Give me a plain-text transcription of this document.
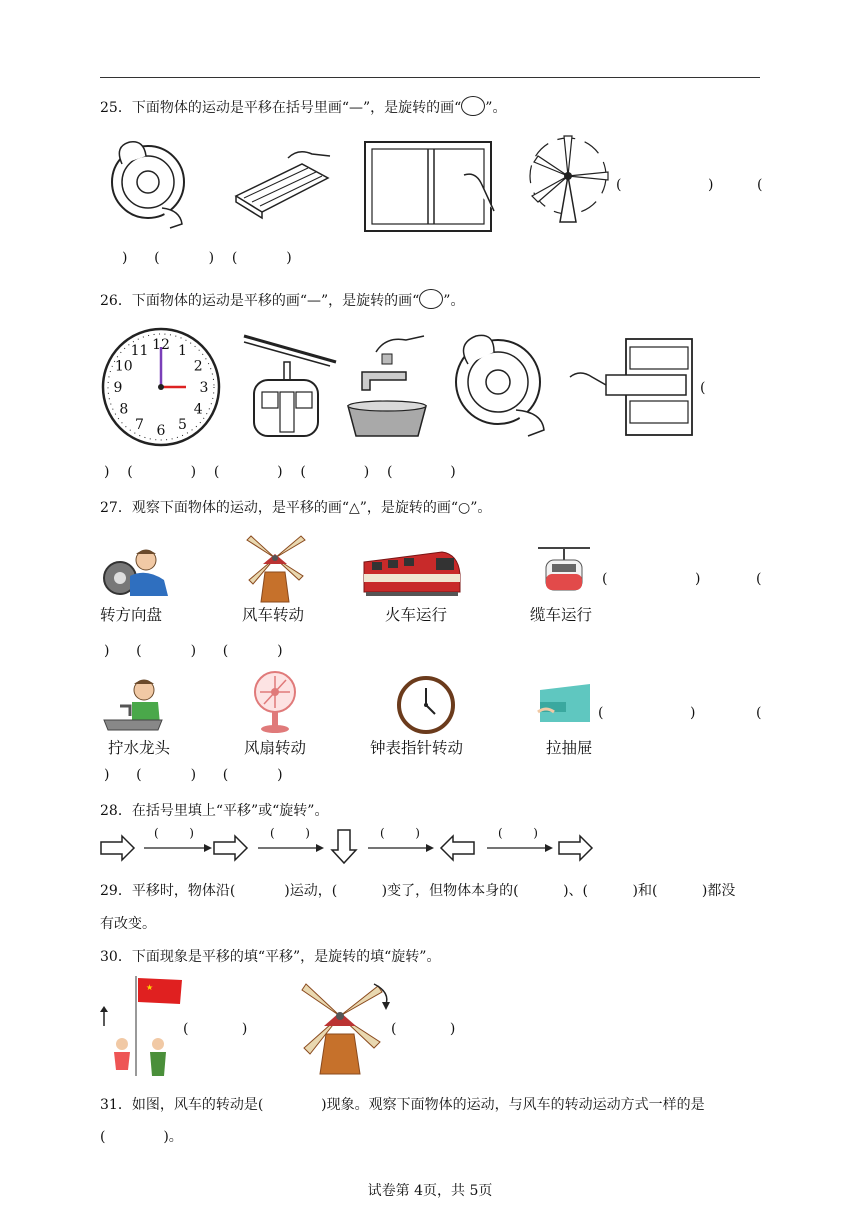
25．下面物体的运动是平移在括号里画“—”，是旋转的画“ ”。
(	)	(
)      (           )    (           )
26．下面物体的运动是平移的画“—”，是旋转的画“ ”。
12 1
2
3
4
5
6
7
8
9
10
11
(
)    (             )    (             )    (             )    (             )
27．观察下面物体的运动，是平移的画“△”，是旋转的画“○”。
转方向盘	风车转动	火车运行	缆车运行
(	)	(
)      (           )      (           )
拧水龙头	风扇转动	钟表指针转动	拉抽屉
(	)	(
)      (           )      (           )
28．在括号里填上“平移”或“旋转”。
(        )	(        )	(        )	(        )
29．平移时，物体沿(           )运动，(          )变了，但物体本身的(          )、(          )和(          )都没
有改变。
30．下面现象是平移的填“平移”，是旋转的填“旋转”。
★
(            )	(            )
31．如图，风车的转动是(             )现象。观察下面物体的运动，与风车的转动运动方式一样的是
(             )。
试卷第 4页，共 5页
